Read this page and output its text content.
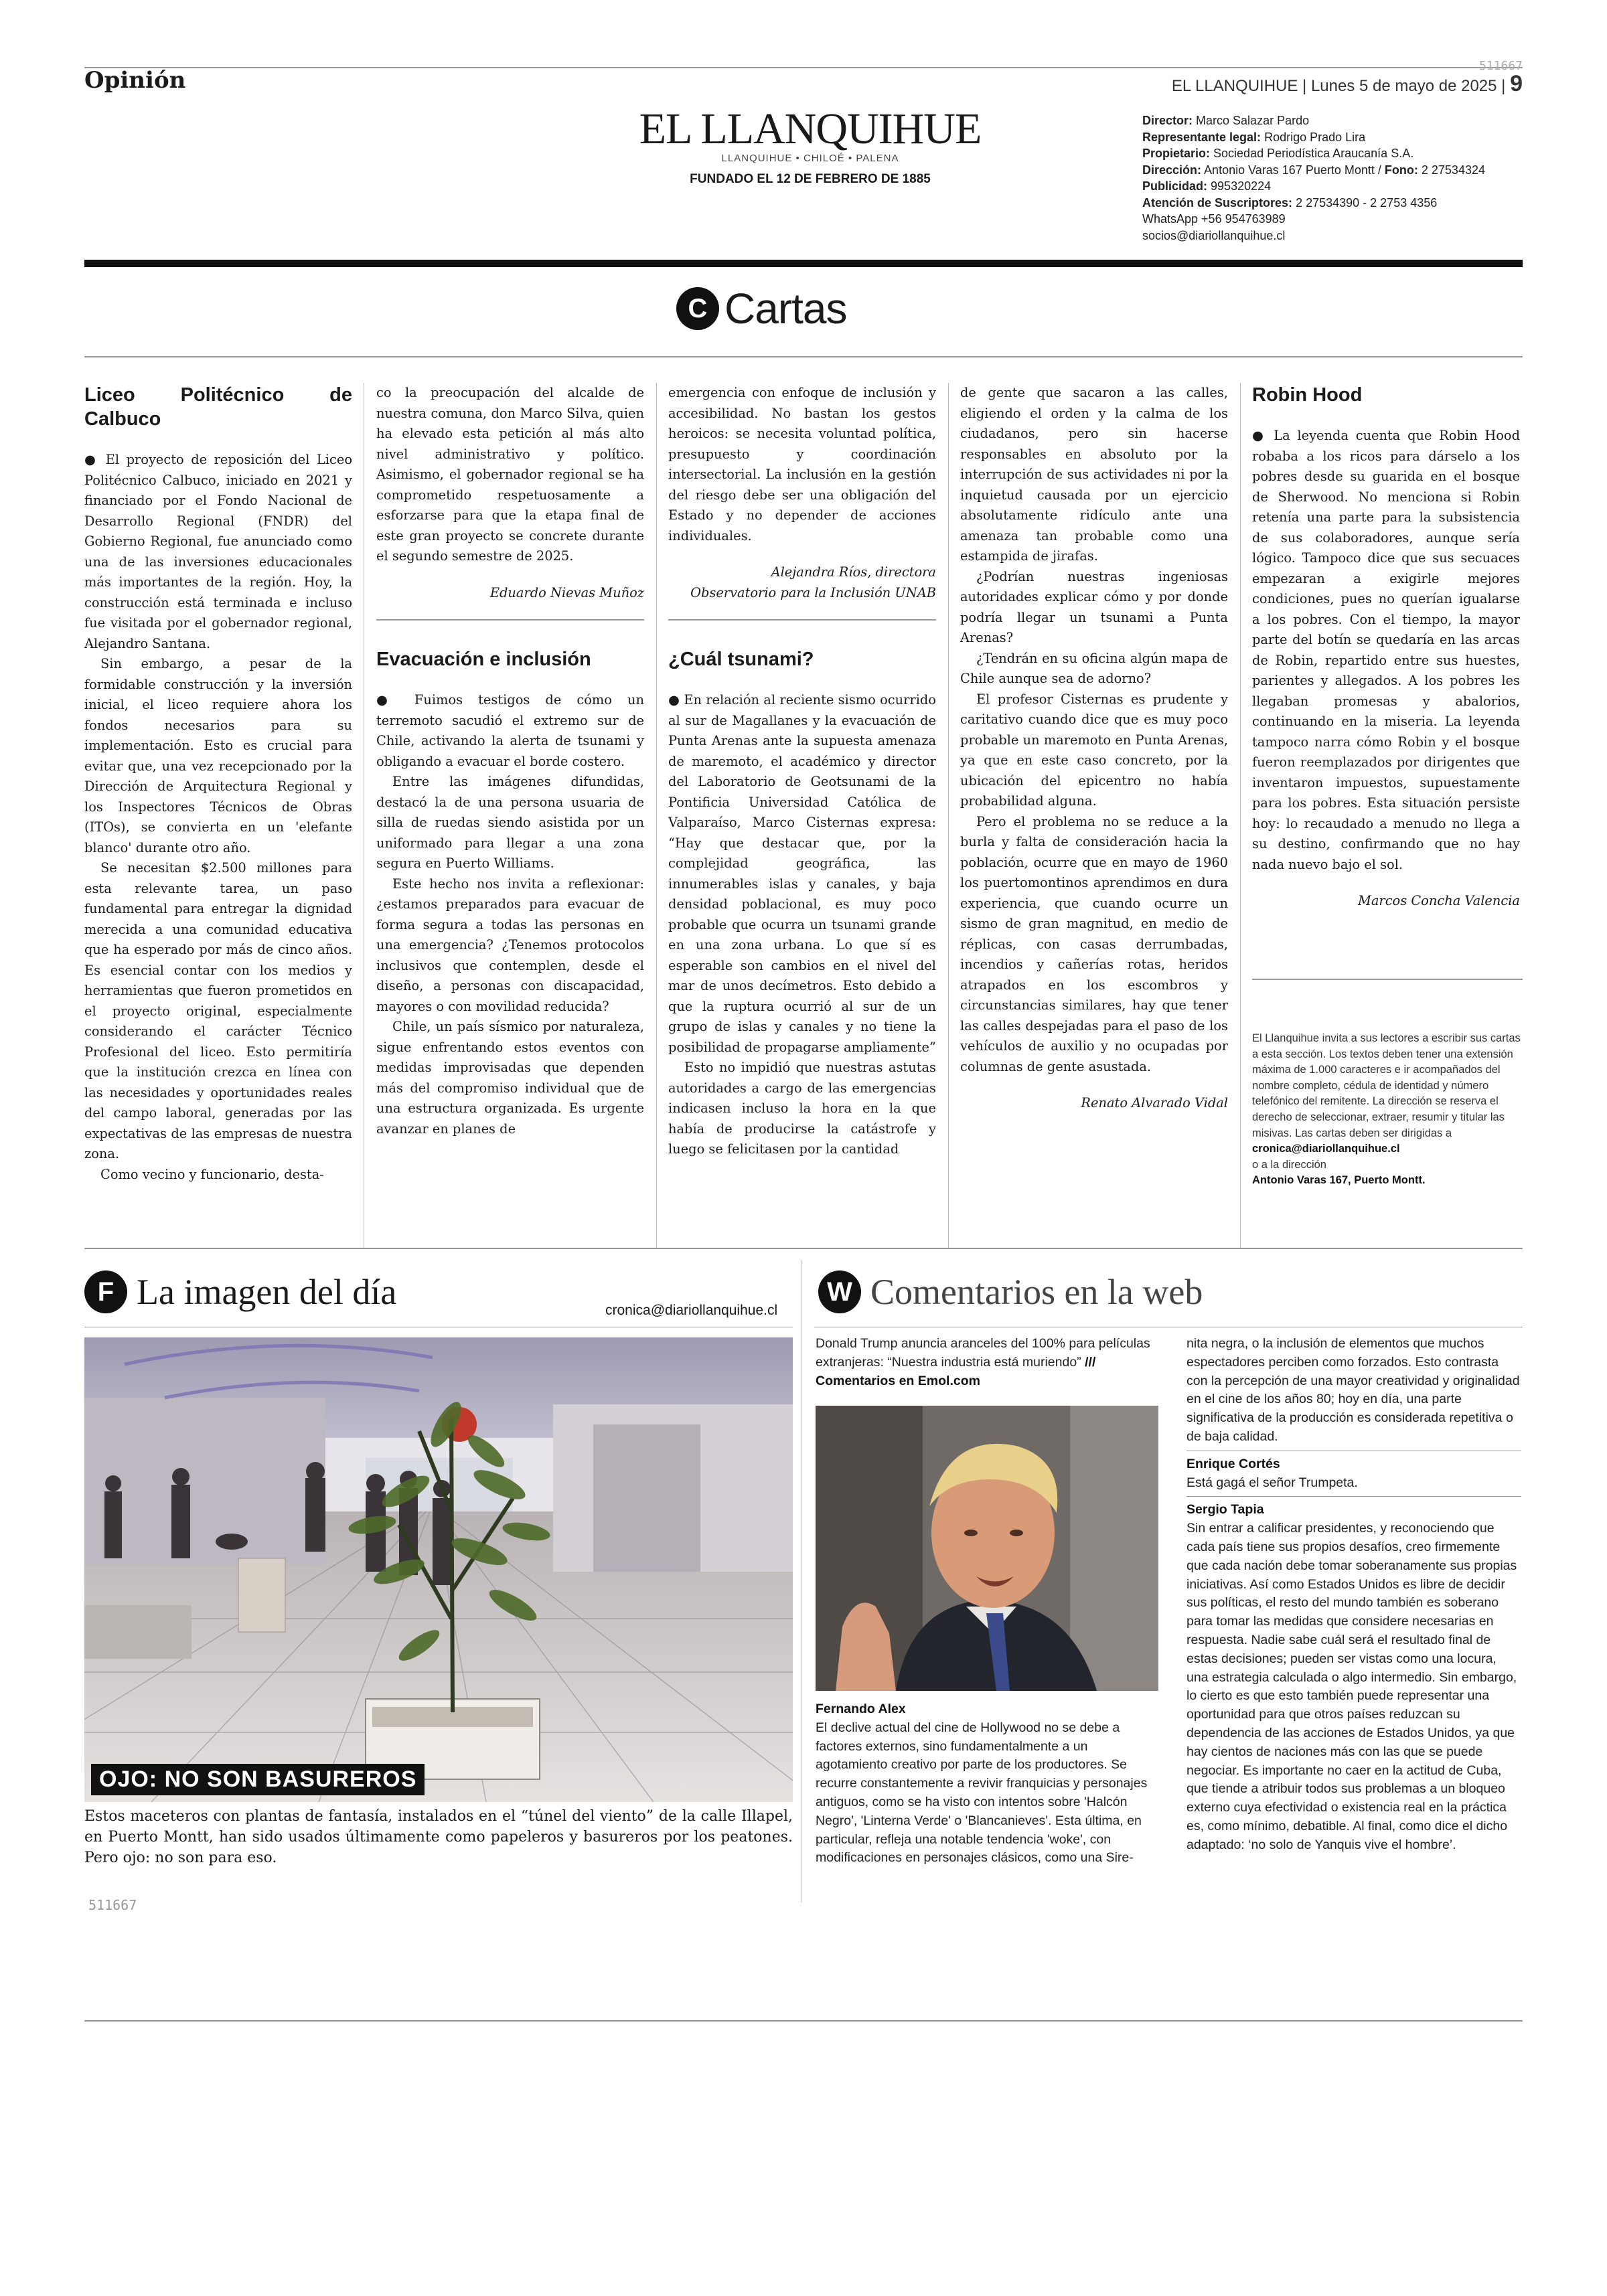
Opinión
511667
EL LLANQUIHUE | Lunes 5 de mayo de 2025 | 9
EL LLANQUIHUE
LLANQUIHUE • CHILOÉ • PALENA
FUNDADO EL 12 DE FEBRERO DE 1885
Director: Marco Salazar Pardo
Representante legal: Rodrigo Prado Lira
Propietario: Sociedad Periodística Araucanía S.A.
Dirección: Antonio Varas 167 Puerto Montt / Fono: 2 27534324
Publicidad: 995320224
Atención de Suscriptores: 2 27534390 - 2 2753 4356
WhatsApp +56 954763989
socios@diariollanquihue.cl
C Cartas
Liceo Politécnico de Calbuco

● El proyecto de reposición del Liceo Politécnico Calbuco, iniciado en 2021 y financiado por el Fondo Nacional de Desarrollo Regional (FNDR) del Gobierno Regional, fue anunciado como una de las inversiones educacionales más importantes de la región. Hoy, la construcción está terminada e incluso fue visitada por el gobernador regional, Alejandro Santana.

Sin embargo, a pesar de la formidable construcción y la inversión inicial, el liceo requiere ahora los fondos necesarios para su implementación. Esto es crucial para evitar que, una vez recepcionado por la Dirección de Arquitectura Regional y los Inspectores Técnicos de Obras (ITOs), se convierta en un 'elefante blanco' durante otro año.

Se necesitan $2.500 millones para esta relevante tarea, un paso fundamental para entregar la dignidad merecida a una comunidad educativa que ha esperado por más de cinco años. Es esencial contar con los medios y herramientas que fueron prometidos en el proyecto original, especialmente considerando el carácter Técnico Profesional del liceo. Esto permitiría que la institución crezca en línea con las necesidades y oportunidades reales del campo laboral, generadas por las expectativas de las empresas de nuestra zona.

Como vecino y funcionario, desta-

co la preocupación del alcalde de nuestra comuna, don Marco Silva, quien ha elevado esta petición al más alto nivel administrativo y político. Asimismo, el gobernador regional se ha comprometido respetuosamente a esforzarse para que la etapa final de este gran proyecto se concrete durante el segundo semestre de 2025.

Eduardo Nievas Muñoz

Evacuación e inclusión

● Fuimos testigos de cómo un terremoto sacudió el extremo sur de Chile, activando la alerta de tsunami y obligando a evacuar el borde costero.

Entre las imágenes difundidas, destacó la de una persona usuaria de silla de ruedas siendo asistida por un uniformado para llegar a una zona segura en Puerto Williams.

Este hecho nos invita a reflexionar: ¿estamos preparados para evacuar de forma segura a todas las personas en una emergencia? ¿Tenemos protocolos inclusivos que contemplen, desde el diseño, a personas con discapacidad, mayores o con movilidad reducida?

Chile, un país sísmico por naturaleza, sigue enfrentando estos eventos con medidas improvisadas que dependen más del compromiso individual que de una estructura organizada. Es urgente avanzar en planes de

emergencia con enfoque de inclusión y accesibilidad. No bastan los gestos heroicos: se necesita voluntad política, presupuesto y coordinación intersectorial. La inclusión en la gestión del riesgo debe ser una obligación del Estado y no depender de acciones individuales.

Alejandra Ríos, directora Observatorio para la Inclusión UNAB

¿Cuál tsunami?

● En relación al reciente sismo ocurrido al sur de Magallanes y la evacuación de Punta Arenas ante la supuesta amenaza de maremoto, el académico y director del Laboratorio de Geotsunami de la Pontificia Universidad Católica de Valparaíso, Marco Cisternas expresa: “Hay que destacar que, por la complejidad geográfica, las innumerables islas y canales, y baja densidad poblacional, es muy poco probable que ocurra un tsunami grande en una zona urbana. Lo que sí es esperable son cambios en el nivel del mar de unos decímetros. Esto debido a que la ruptura ocurrió al sur de un grupo de islas y canales y no tiene la posibilidad de propagarse ampliamente”

Esto no impidió que nuestras astutas autoridades a cargo de las emergencias indicasen incluso la hora en la que había de producirse la catástrofe y luego se felicitasen por la cantidad

de gente que sacaron a las calles, eligiendo el orden y la calma de los ciudadanos, pero sin hacerse responsables en absoluto por la interrupción de sus actividades ni por la inquietud causada por un ejercicio absolutamente ridículo ante una amenaza tan probable como una estampida de jirafas.

¿Podrían nuestras ingeniosas autoridades explicar cómo y por donde podría llegar un tsunami a Punta Arenas?

¿Tendrán en su oficina algún mapa de Chile aunque sea de adorno?

El profesor Cisternas es prudente y caritativo cuando dice que es muy poco probable un maremoto en Punta Arenas, ya que en este caso concreto, por la ubicación del epicentro no había probabilidad alguna.

Pero el problema no se reduce a la burla y falta de consideración hacia la población, ocurre que en mayo de 1960 los puertomontinos aprendimos en dura experiencia, que cuando ocurre un sismo de gran magnitud, en medio de réplicas, con casas derrumbadas, incendios y cañerías rotas, heridos atrapados en los escombros y circunstancias similares, hay que tener las calles despejadas para el paso de los vehículos de auxilio y no ocupadas por columnas de gente asustada.

Renato Alvarado Vidal

Robin Hood

● La leyenda cuenta que Robin Hood robaba a los ricos para dárselo a los pobres desde su guarida en el bosque de Sherwood. No menciona si Robin retenía una parte para la subsistencia de sus colaboradores, aunque sería lógico. Tampoco dice que sus secuaces empezaran a exigirle mejores condiciones, pues no querían igualarse a los pobres. Con el tiempo, la mayor parte del botín se quedaría en las arcas de Robin, repartido entre sus huestes, parientes y allegados. A los pobres les llegaban promesas y abalorios, continuando en la miseria. La leyenda tampoco narra cómo Robin y el bosque fueron reemplazados por dirigentes que inventaron impuestos, supuestamente para los pobres. Esta situación persiste hoy: lo recaudado a menudo no llega a su destino, confirmando que no hay nada nuevo bajo el sol.

Marcos Concha Valencia

El Llanquihue invita a sus lectores a escribir sus cartas a esta sección. Los textos deben tener una extensión máxima de 1.000 caracteres e ir acompañados del nombre completo, cédula de identidad y número telefónico del remitente. La dirección se reserva el derecho de seleccionar, extraer, resumir y titular las misivas. Las cartas deben ser dirigidas a
cronica@diariollanquihue.cl
o a la dirección
Antonio Varas 167, Puerto Montt.
F La imagen del día	cronica@diariollanquihue.cl
OJO: NO SON BASUREROS
Estos maceteros con plantas de fantasía, instalados en el “túnel del viento” de la calle Illapel, en Puerto Montt, han sido usados últimamente como papeleros y basureros por los peatones. Pero ojo: no son para eso.
511667
W Comentarios en la web
Donald Trump anuncia aranceles del 100% para películas extranjeras: “Nuestra industria está muriendo” /// Comentarios en Emol.com
Fernando Alex
El declive actual del cine de Hollywood no se debe a factores externos, sino fundamentalmente a un agotamiento creativo por parte de los productores. Se recurre constantemente a revivir franquicias y personajes antiguos, como se ha visto con intentos sobre 'Halcón Negro', 'Linterna Verde' o 'Blancanieves'. Esta última, en particular, refleja una notable tendencia 'woke', con modificaciones en personajes clásicos, como una Sire-
nita negra, o la inclusión de elementos que muchos espectadores perciben como forzados. Esto contrasta con la percepción de una mayor creatividad y originalidad en el cine de los años 80; hoy en día, una parte significativa de la producción es considerada repetitiva o de baja calidad.
Enrique Cortés
Está gagá el señor Trumpeta.
Sergio Tapia
Sin entrar a calificar presidentes, y reconociendo que cada país tiene sus propios desafíos, creo firmemente que cada nación debe tomar soberanamente sus propias iniciativas. Así como Estados Unidos es libre de decidir sus políticas, el resto del mundo también es soberano para tomar las medidas que considere necesarias en respuesta. Nadie sabe cuál será el resultado final de estas decisiones; pueden ser vistas como una locura, una estrategia calculada o algo intermedio. Sin embargo, lo cierto es que esto también puede representar una oportunidad para que otros países reduzcan su dependencia de las acciones de Estados Unidos, ya que hay cientos de naciones más con las que se puede negociar. Es importante no caer en la actitud de Cuba, que tiende a atribuir todos sus problemas a un bloqueo externo cuya efectividad o existencia real en la práctica es, como mínimo, debatible. Al final, como dice el dicho adaptado: ‘no solo de Yanquis vive el hombre’.
